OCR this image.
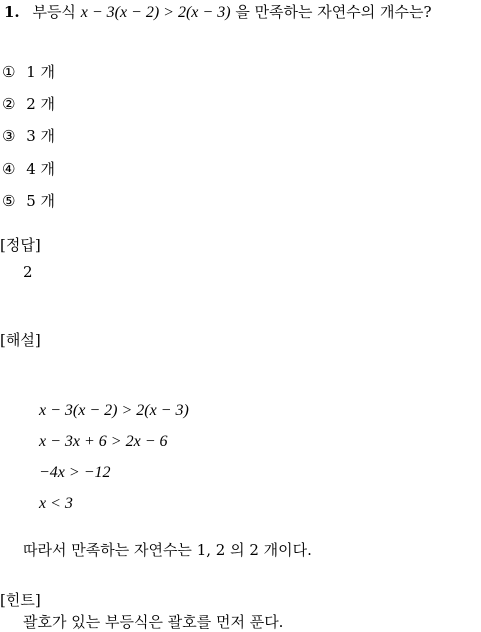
1. 부등식 x − 3(x − 2) > 2(x − 3) 을 만족하는 자연수의 개수는?
① 1 개
② 2 개
③ 3 개
④ 4 개
⑤ 5 개
[정답]
2
[해설]
x − 3(x − 2) > 2(x − 3)
x − 3x + 6 > 2x − 6
−4x > −12
x < 3
따라서 만족하는 자연수는 1, 2 의 2 개이다.
[힌트]
괄호가 있는 부등식은 괄호를 먼저 푼다.
